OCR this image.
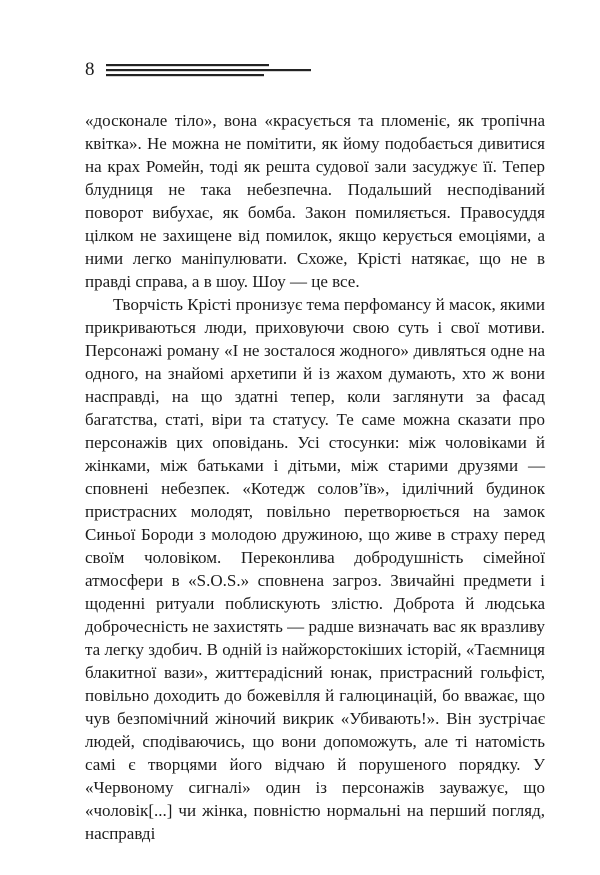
8

«досконале тіло», вона «красується та пломеніє, як тропічна квітка». Не можна не помітити, як йому подобається дивитися на крах Ромейн, тоді як решта судової зали засуджує її. Тепер блудниця не така небезпечна. Подальший несподіваний поворот вибухає, як бомба. Закон помиляється. Правосуддя цілком не захищене від помилок, якщо керується емоціями, а ними легко маніпулювати. Схоже, Крісті натякає, що не в правді справа, а в шоу. Шоу — це все.

Творчість Крісті пронизує тема перфомансу й масок, якими прикриваються люди, приховуючи свою суть і свої мотиви. Персонажі роману «І не зосталося жодного» дивляться одне на одного, на знайомі архетипи й із жахом думають, хто ж вони насправді, на що здатні тепер, коли заглянути за фасад багатства, статі, віри та статусу. Те саме можна сказати про персонажів цих оповідань. Усі стосунки: між чоловіками й жінками, між батьками і дітьми, між старими друзями — сповнені небезпек. «Котедж солов’їв», ідилічний будинок пристрасних молодят, повільно перетворюється на замок Синьої Бороди з молодою дружиною, що живе в страху перед своїм чоловіком. Переконлива добродушність сімейної атмосфери в «S.O.S.» сповнена загроз. Звичайні предмети і щоденні ритуали поблискують злістю. Доброта й людська доброчесність не захистять — радше визначать вас як вразливу та легку здобич. В одній із найжорстокіших історій, «Таємниця блакитної вази», життєрадісний юнак, пристрасний гольфіст, повільно доходить до божевілля й галюцинацій, бо вважає, що чув безпомічний жіночий викрик «Убивають!». Він зустрічає людей, сподіваючись, що вони допоможуть, але ті натомість самі є творцями його відчаю й порушеного порядку. У «Червоному сигналі» один із персонажів зауважує, що «чоловік[...] чи жінка, повністю нормальні на перший погляд, насправді
